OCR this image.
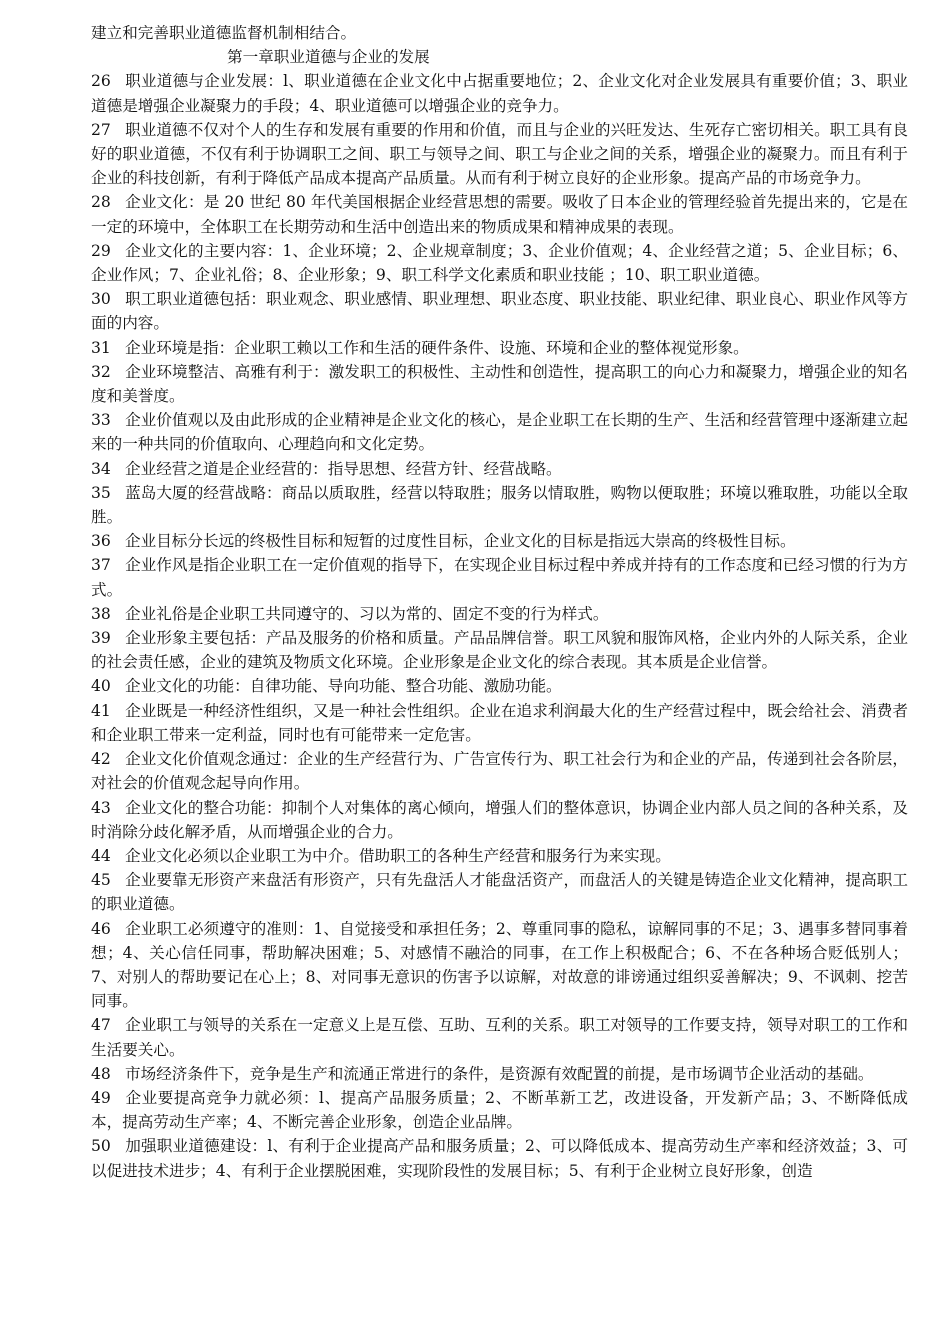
建立和完善职业道德监督机制相结合。
第一章职业道德与企业的发展
26 职业道德与企业发展：l、职业道德在企业文化中占据重要地位；2、企业文化对企业发展具有重要价值；3、职业道德是增强企业凝聚力的手段；4、职业道德可以增强企业的竞争力。
27 职业道德不仅对个人的生存和发展有重要的作用和价值，而且与企业的兴旺发达、生死存亡密切相关。职工具有良好的职业道德，不仅有利于协调职工之间、职工与领导之间、职工与企业之间的关系，增强企业的凝聚力。而且有利于企业的科技创新，有利于降低产品成本提高产品质量。从而有利于树立良好的企业形象。提高产品的市场竞争力。
28 企业文化：是 20 世纪 80 年代美国根据企业经营思想的需要。吸收了日本企业的管理经验首先提出来的，它是在一定的环境中，全体职工在长期劳动和生活中创造出来的物质成果和精神成果的表现。
29 企业文化的主要内容：1、企业环境；2、企业规章制度；3、企业价值观；4、企业经营之道；5、企业目标；6、企业作风；7、企业礼俗；8、企业形象；9、职工科学文化素质和职业技能 ；10、职工职业道德。
30 职工职业道德包括：职业观念、职业感情、职业理想、职业态度、职业技能、职业纪律、职业良心、职业作风等方面的内容。
31 企业环境是指：企业职工赖以工作和生活的硬件条件、设施、环境和企业的整体视觉形象。
32 企业环境整洁、高雅有利于：激发职工的积极性、主动性和创造性，提高职工的向心力和凝聚力，增强企业的知名度和美誉度。
33 企业价值观以及由此形成的企业精神是企业文化的核心，是企业职工在长期的生产、生活和经营管理中逐渐建立起来的一种共同的价值取向、心理趋向和文化定势。
34 企业经营之道是企业经营的：指导思想、经营方针、经营战略。
35 蓝岛大厦的经营战略：商品以质取胜，经营以特取胜；服务以情取胜，购物以便取胜；环境以雅取胜，功能以全取胜。
36 企业目标分长远的终极性目标和短暂的过度性目标，企业文化的目标是指远大崇高的终极性目标。
37 企业作风是指企业职工在一定价值观的指导下，在实现企业目标过程中养成并持有的工作态度和已经习惯的行为方式。
38 企业礼俗是企业职工共同遵守的、习以为常的、固定不变的行为样式。
39 企业形象主要包括：产品及服务的价格和质量。产品品牌信誉。职工风貌和服饰风格，企业内外的人际关系，企业的社会责任感，企业的建筑及物质文化环境。企业形象是企业文化的综合表现。其本质是企业信誉。
40 企业文化的功能：自律功能、导向功能、整合功能、激励功能。
41 企业既是一种经济性组织，又是一种社会性组织。企业在追求利润最大化的生产经营过程中，既会给社会、消费者和企业职工带来一定利益，同时也有可能带来一定危害。
42 企业文化价值观念通过：企业的生产经营行为、广告宣传行为、职工社会行为和企业的产品，传递到社会各阶层，对社会的价值观念起导向作用。
43 企业文化的整合功能：抑制个人对集体的离心倾向，增强人们的整体意识，协调企业内部人员之间的各种关系，及时消除分歧化解矛盾，从而增强企业的合力。
44 企业文化必须以企业职工为中介。借助职工的各种生产经营和服务行为来实现。
45 企业要靠无形资产来盘活有形资产，只有先盘活人才能盘活资产，而盘活人的关键是铸造企业文化精神，提高职工的职业道德。
46 企业职工必须遵守的准则：1、自觉接受和承担任务；2、尊重同事的隐私，谅解同事的不足；3、遇事多替同事着想；4、关心信任同事，帮助解决困难；5、对感情不融洽的同事，在工作上积极配合；6、不在各种场合贬低别人；7、对别人的帮助要记在心上；8、对同事无意识的伤害予以谅解，对故意的诽谤通过组织妥善解决；9、不讽刺、挖苦同事。
47 企业职工与领导的关系在一定意义上是互偿、互助、互利的关系。职工对领导的工作要支持，领导对职工的工作和生活要关心。
48 市场经济条件下，竞争是生产和流通正常进行的条件，是资源有效配置的前提，是市场调节企业活动的基础。
49 企业要提高竞争力就必须：l、提高产品服务质量；2、不断革新工艺，改进设备，开发新产品；3、不断降低成本，提高劳动生产率；4、不断完善企业形象，创造企业品牌。
50 加强职业道德建设：l、有利于企业提高产品和服务质量；2、可以降低成本、提高劳动生产率和经济效益；3、可以促进技术进步；4、有利于企业摆脱困难，实现阶段性的发展目标；5、有利于企业树立良好形象，创造
